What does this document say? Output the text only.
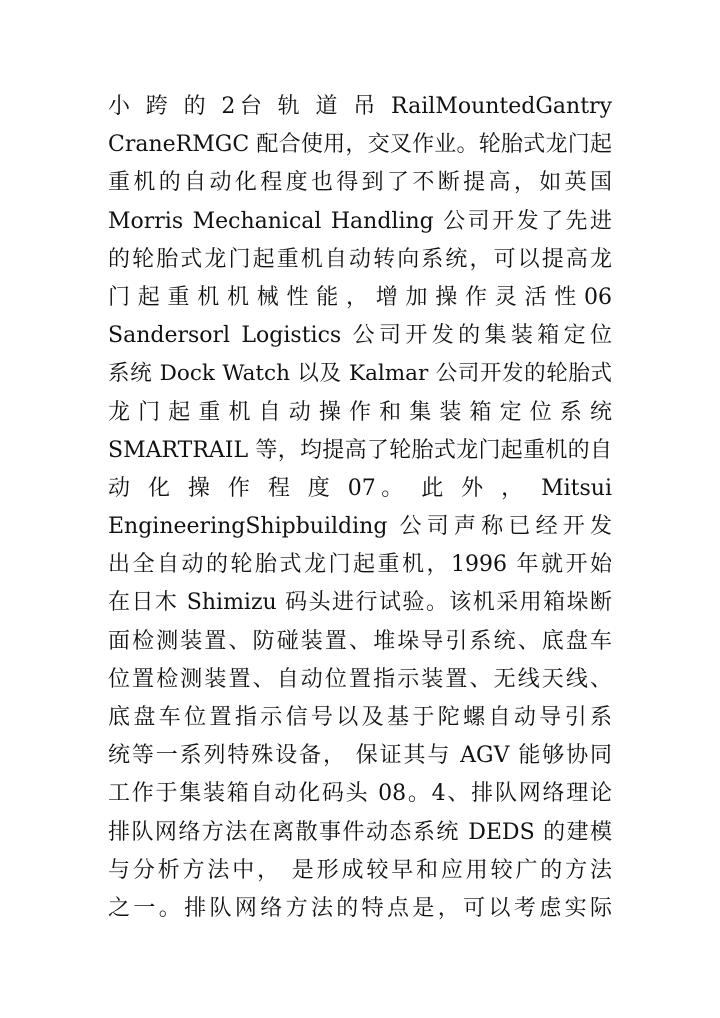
小 跨 的 2台 轨 道 吊 RailMountedGantry
CraneRMGC 配合使用，交叉作业。轮胎式龙门起
重机的自动化程度也得到了不断提高，如英国
Morris Mechanical Handling 公司开发了先进
的轮胎式龙门起重机自动转向系统，可以提高龙
门 起 重 机 机 械 性 能 ， 增 加 操 作 灵 活 性 06
Sandersorl Logistics 公司开发的集装箱定位
系统 Dock Watch 以及 Kalmar 公司开发的轮胎式
龙 门 起 重 机 自 动 操 作 和 集 装 箱 定 位 系 统
SMARTRAIL 等，均提高了轮胎式龙门起重机的自
动 化 操 作 程 度 07。 此 外 ， Mitsui
EngineeringShipbuilding 公司声称已经开发
出全自动的轮胎式龙门起重机，1996 年就开始
在日木 Shimizu 码头进行试验。该机采用箱垛断
面检测装置、防碰装置、堆垛导引系统、底盘车
位置检测装置、自动位置指示装置、无线天线、
底盘车位置指示信号以及基于陀螺自动导引系
统等一系列特殊设备， 保证其与 AGV 能够协同
工作于集装箱自动化码头 08。4、排队网络理论
排队网络方法在离散事件动态系统 DEDS 的建模
与分析方法中， 是形成较早和应用较广的方法
之一。排队网络方法的特点是，可以考虑实际
